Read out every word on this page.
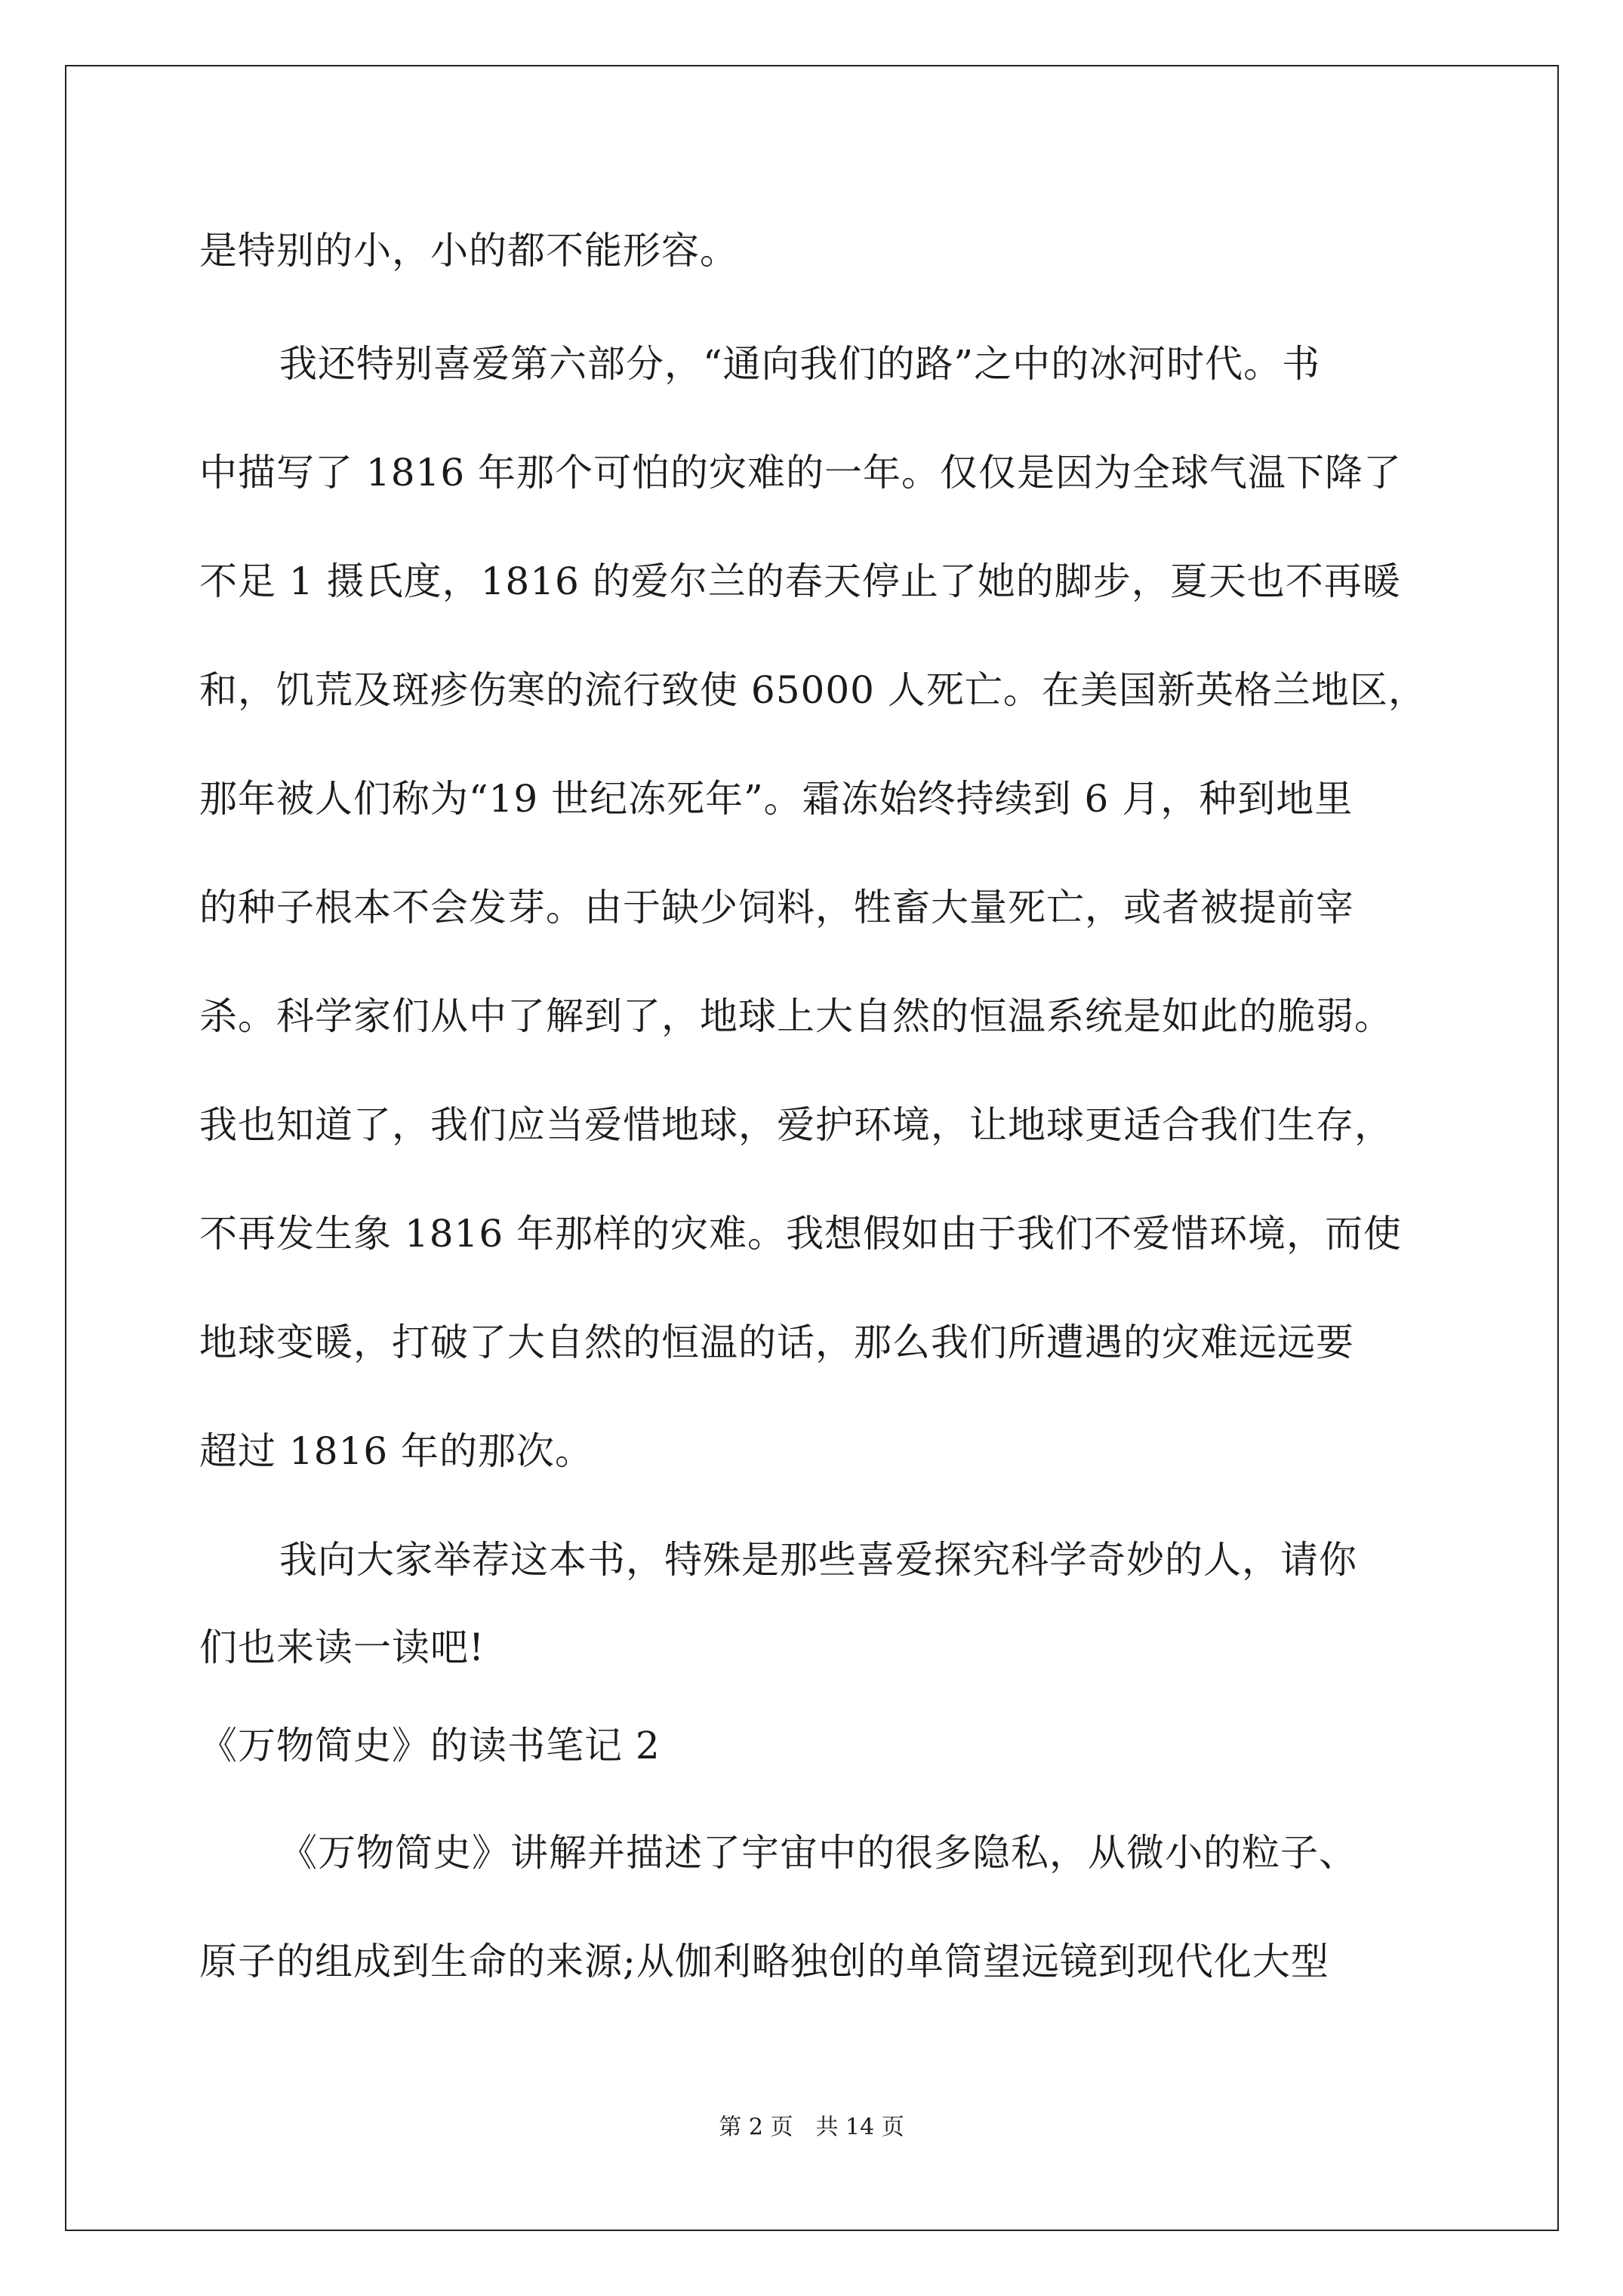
是特别的小，小的都不能形容。
我还特别喜爱第六部分，“通向我们的路”之中的冰河时代。书
中描写了 1816 年那个可怕的灾难的一年。仅仅是因为全球气温下降了
不足 1 摄氏度，1816 的爱尔兰的春天停止了她的脚步，夏天也不再暖
和，饥荒及斑疹伤寒的流行致使 65000 人死亡。在美国新英格兰地区，
那年被人们称为“19 世纪冻死年”。霜冻始终持续到 6 月，种到地里
的种子根本不会发芽。由于缺少饲料，牲畜大量死亡，或者被提前宰
杀。科学家们从中了解到了，地球上大自然的恒温系统是如此的脆弱。
我也知道了，我们应当爱惜地球，爱护环境，让地球更适合我们生存，
不再发生象 1816 年那样的灾难。我想假如由于我们不爱惜环境，而使
地球变暖，打破了大自然的恒温的话，那么我们所遭遇的灾难远远要
超过 1816 年的那次。
我向大家举荐这本书，特殊是那些喜爱探究科学奇妙的人，请你
们也来读一读吧!
《万物简史》的读书笔记 2
《万物简史》讲解并描述了宇宙中的很多隐私，从微小的粒子、
原子的组成到生命的来源;从伽利略独创的单筒望远镜到现代化大型
第 2 页 共 14 页
